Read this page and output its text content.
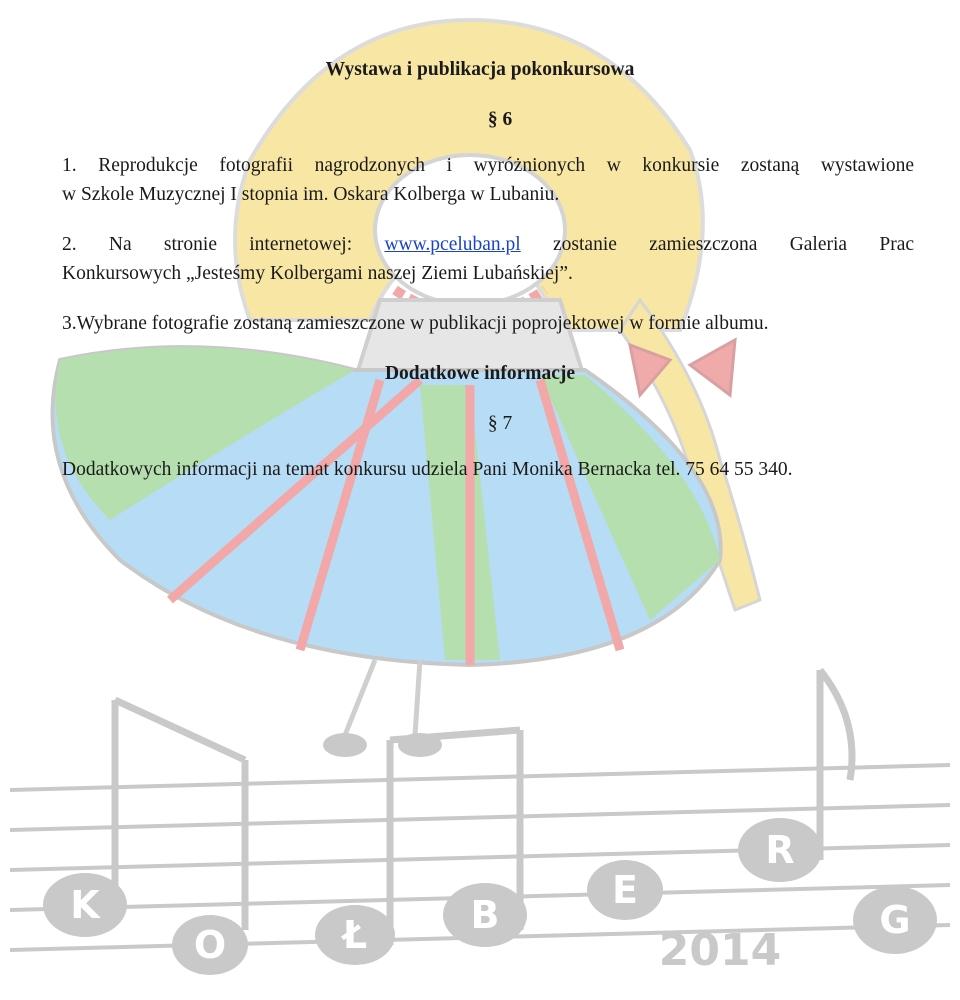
K
O	Ł	B
E
R
G
2014
Wystawa i publikacja pokonkursowa
§ 6
1. Reprodukcje fotografii nagrodzonych i wyróżnionych w konkursie zostaną wystawione
w Szkole Muzycznej I stopnia im. Oskara Kolberga w Lubaniu.
2. Na stronie internetowej: www.pceluban.pl zostanie zamieszczona Galeria Prac
Konkursowych „Jesteśmy Kolbergami naszej Ziemi Lubańskiej”.
3.Wybrane fotografie zostaną zamieszczone w publikacji poprojektowej w formie albumu.
Dodatkowe informacje
§ 7
Dodatkowych informacji na temat konkursu udziela Pani Monika Bernacka tel. 75 64 55 340.
